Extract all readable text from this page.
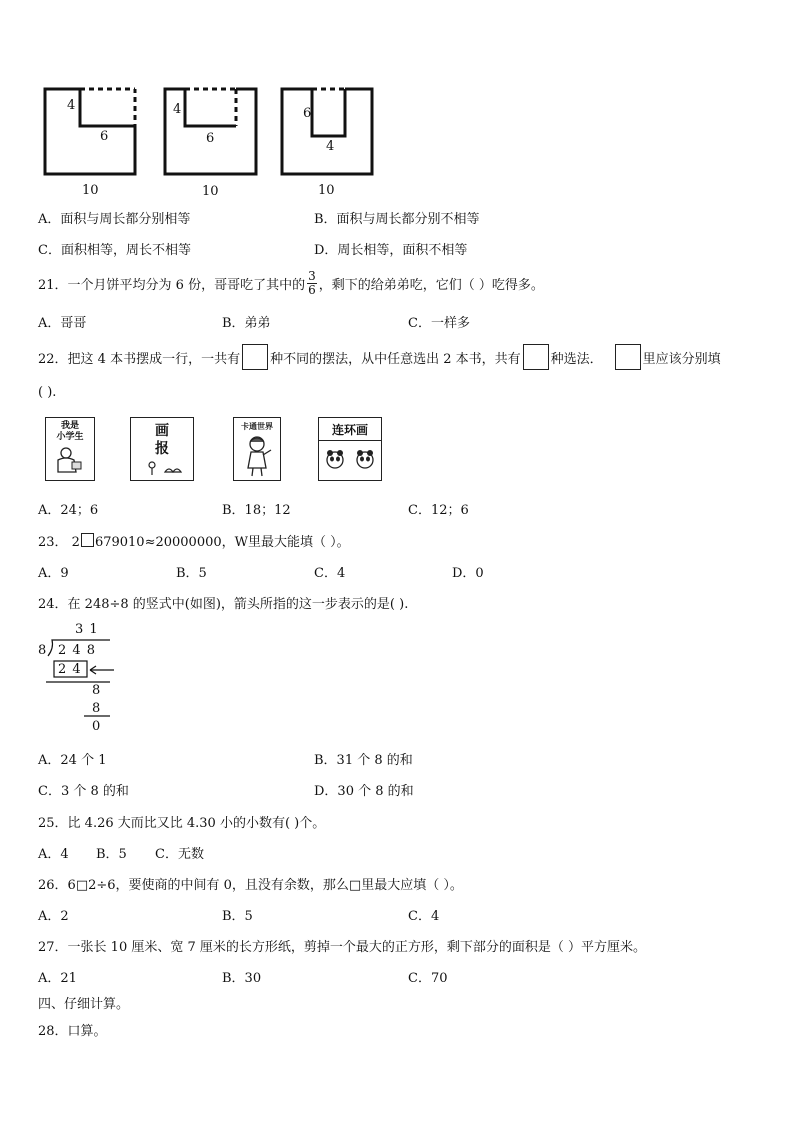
4
6
10
4
6
10
6
4
10
A．面积与周长都分别相等	B．面积与周长都分别不相等
C．面积相等，周长不相等	D．周长相等，面积不相等
21．一个月饼平均分为 6 份，哥哥吃了其中的 $\frac{3}{6}$ ，剩下的给弟弟吃，它们（ ）吃得多。
A．哥哥	B．弟弟	C．一样多
22．把这 4 本书摆成一行，一共有 种不同的摆法，从中任意选出 2 本书，共有 种选法．	里应该分别填
( ).
我是
小学生	画
报
卡通世界	连环画
A．24；6	B．18；12	C．12；6
23． 2 679010≈20000000，W里最大能填（ ）。
A．9	B．5	C．4	D．0
24．在 248÷8 的竖式中(如图)，箭头所指的这一步表示的是( ).
3 1
8 2 4 8
2 4
8
8
0
A．24 个 1	B．31 个 8 的和
C．3 个 8 的和	D．30 个 8 的和
25．比 4.26 大而比又比 4.30 小的小数有( )个。
A．4 B．5 C．无数
26．6□2÷6，要使商的中间有 0，且没有余数，那么□里最大应填（ ）。
A．2	B．5	C．4
27．一张长 10 厘米、宽 7 厘米的长方形纸，剪掉一个最大的正方形，剩下部分的面积是（ ）平方厘米。
A．21	B．30	C．70
四、仔细计算。
28．口算。
